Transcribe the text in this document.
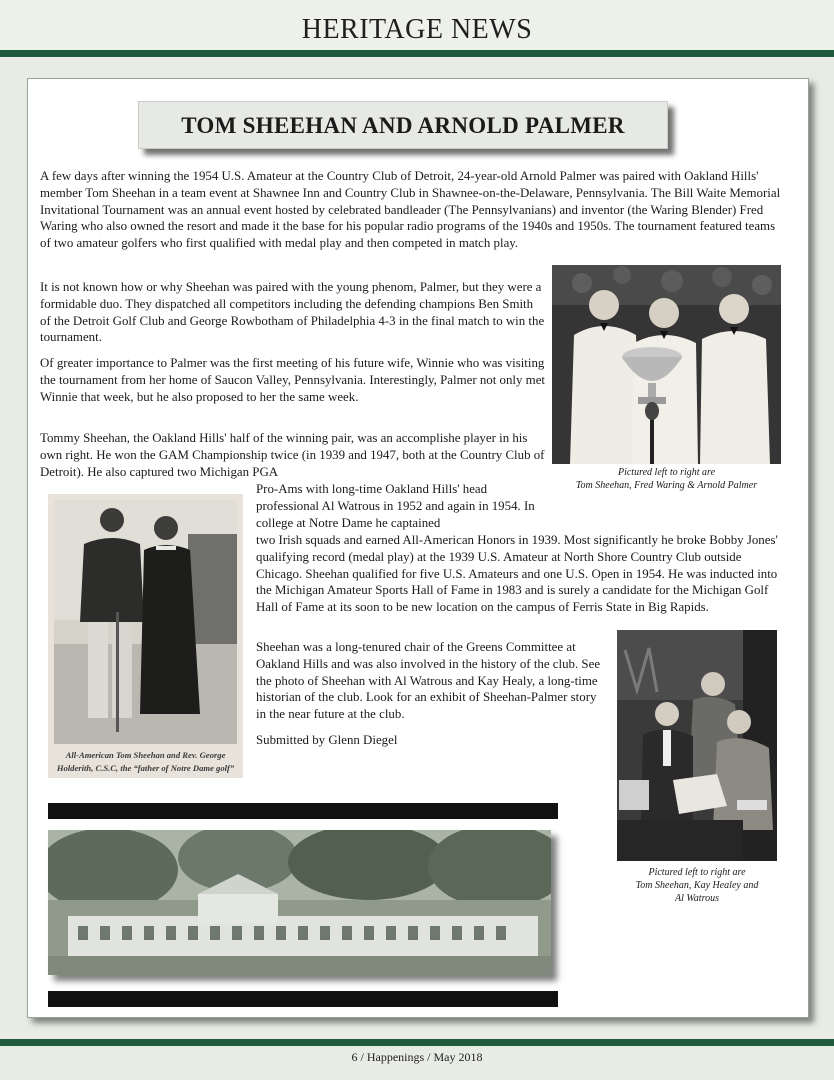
HERITAGE NEWS
TOM SHEEHAN AND ARNOLD PALMER
A few days after winning the 1954 U.S. Amateur at the Country Club of Detroit, 24-year-old Arnold Palmer was paired with Oakland Hills' member Tom Sheehan in a team event at Shawnee Inn and Country Club in Shawnee-on-the-Delaware, Pennsylvania. The Bill Waite Memorial Invitational Tournament was an annual event hosted by celebrated bandleader (The Pennsylvanians) and inventor (the Waring Blender) Fred Waring who also owned the resort and made it the base for his popular radio programs of the 1940s and 1950s. The tournament featured teams of two amateur golfers who first qualified with medal play and then competed in match play.
It is not known how or why Sheehan was paired with the young phenom, Palmer, but they were a formidable duo. They dispatched all competitors including the defending champions Ben Smith of the Detroit Golf Club and George Rowbotham of Philadelphia 4-3 in the final match to win the tournament.
Of greater importance to Palmer was the first meeting of his future wife, Winnie who was visiting the tournament from her home of Saucon Valley, Pennsylvania. Interestingly, Palmer not only met Winnie that week, but he also proposed to her the same week.
Tommy Sheehan, the Oakland Hills' half of the winning pair, was an accomplishe player in his own right. He won the GAM Championship twice (in 1939 and 1947, both at the Country Club of Detroit). He also captured two Michigan PGA
Pro-Ams with long-time Oakland Hills' head professional Al Watrous in 1952 and again in 1954. In college at Notre Dame he captained
two Irish squads and earned All-American Honors in 1939. Most significantly he broke Bobby Jones' qualifying record (medal play) at the 1939 U.S. Amateur at North Shore Country Club outside Chicago. Sheehan qualified for five U.S. Amateurs and one U.S. Open in 1954. He was inducted into the Michigan Amateur Sports Hall of Fame in 1983 and is surely a candidate for the Michigan Golf Hall of Fame at its soon to be new location on the campus of Ferris State in Big Rapids.
Sheehan was a long-tenured chair of the Greens Committee at Oakland Hills and was also involved in the history of the club. See the photo of Sheehan with Al Watrous and Kay Healy, a long-time historian of the club. Look for an exhibit of Sheehan-Palmer story in the near future at the club.
Submitted by Glenn Diegel
Pictured left to right are
Tom Sheehan, Fred Waring & Arnold Palmer
All-American Tom Sheehan and Rev. George
Holderith, C.S.C, the “father of Notre Dame golf”
Pictured left to right are
Tom Sheehan, Kay Healey and
Al Watrous
6 / Happenings / May 2018
